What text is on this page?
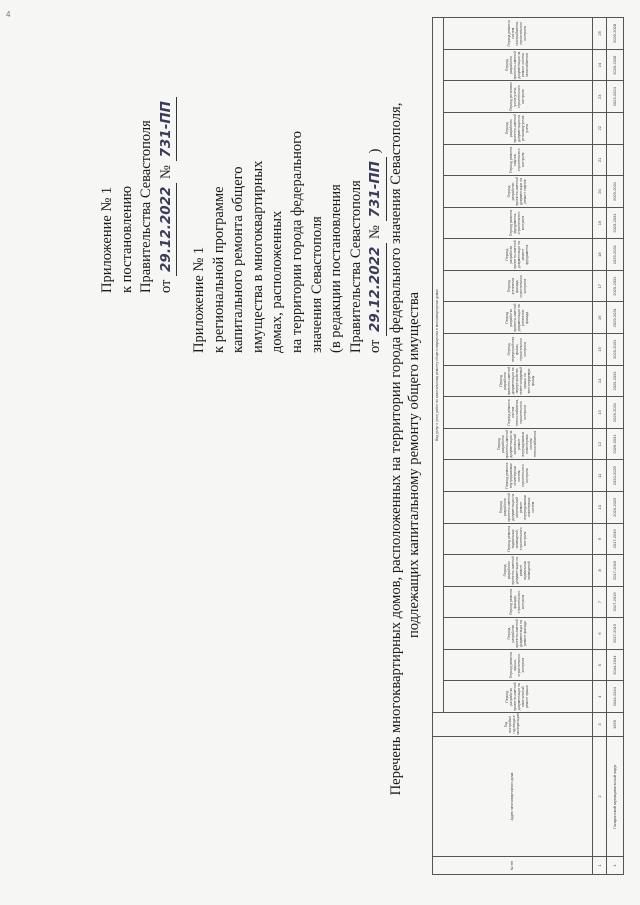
4
Приложение № 1 к постановлению Правительства Севастополя от 29.12.2022 № 731-ПП
Приложение № 1 к региональной программе капитального ремонта общего имущества в многоквартирных домах, расположенных на территории города федерального значения Севастополя (в редакции постановления Правительства Севастополя от 29.12.2022 № 731-ПП ) Перечень многоквартирных домов, расположенных на территории города федерального значения Севастополя, подлежащих капитальному ремонту общего имущества
№ п/п	Адрес многоквартирного дома	Год постройки/ год ввода в эксплуатацию	Вид услуг и (или) работ по капитальному ремонту общего имущества в многоквартирных домах																					
			Период разработки проектно-сметной документации на капитальный ремонт крыши	Период ремонта крыши, строительного контроля	Период разработки проектно-сметной документации на ремонт фасада	Период ремонта фасада, строительного контроля	Период разработки проектно-сметной документации на ремонт подвальных помещений	Период ремонта подвальных помещений, строительного контроля	Период разработки проектно-сметной документации на капитальный ремонт внутридомовых инженерных систем	Период ремонта внутридомовых инженерных систем, строительного контроля	Период разработки проектно-сметной документации на капитальный ремонт внутридомовых инженерных систем теплоснабжения	Период ремонта систем теплоснабжения, строительного контроля	Период разработки проектно-сметной документации на переустройство невентилируемой крыши на вентилируемую крышу	Период переустройства крыши, строительного контроля	Период разработки проектно-сметной документации на утепление фасада	Период утепления фасада, строительного контроля	Период разработки проектно-сметной документации на ремонт фундамента	Период ремонта фундамента, строительного контроля	Период разработки проектно-сметной документации на ремонт лифтов	Период ремонта лифтов, строительного контроля	Период разработки проектно-сметной документации на установку узлов учета	Период установки узлов учета, строительного контроля	Период разработки проектно-сметной документации на ремонт систем газоснабжения	Период ремонта систем газоснабжения, строительного контроля
1	2	3	4	5	6	7	8	9	10	11	12	13	14	15	16	17	18	19	20	21	22	23	24	25
1	Гагаринский муниципальный округ	1959	2044-2044	2044-2044	2017-2019	2017-2019	2017-2019	2017-2019	2020-2025	2020-2025	2026-2031	2026-2031	2029-2031	2029-2031	2029-2031	2029-2031	2029-2031	2029-2031	2029-2031			2023-2024	2026-2028	2026-2028
